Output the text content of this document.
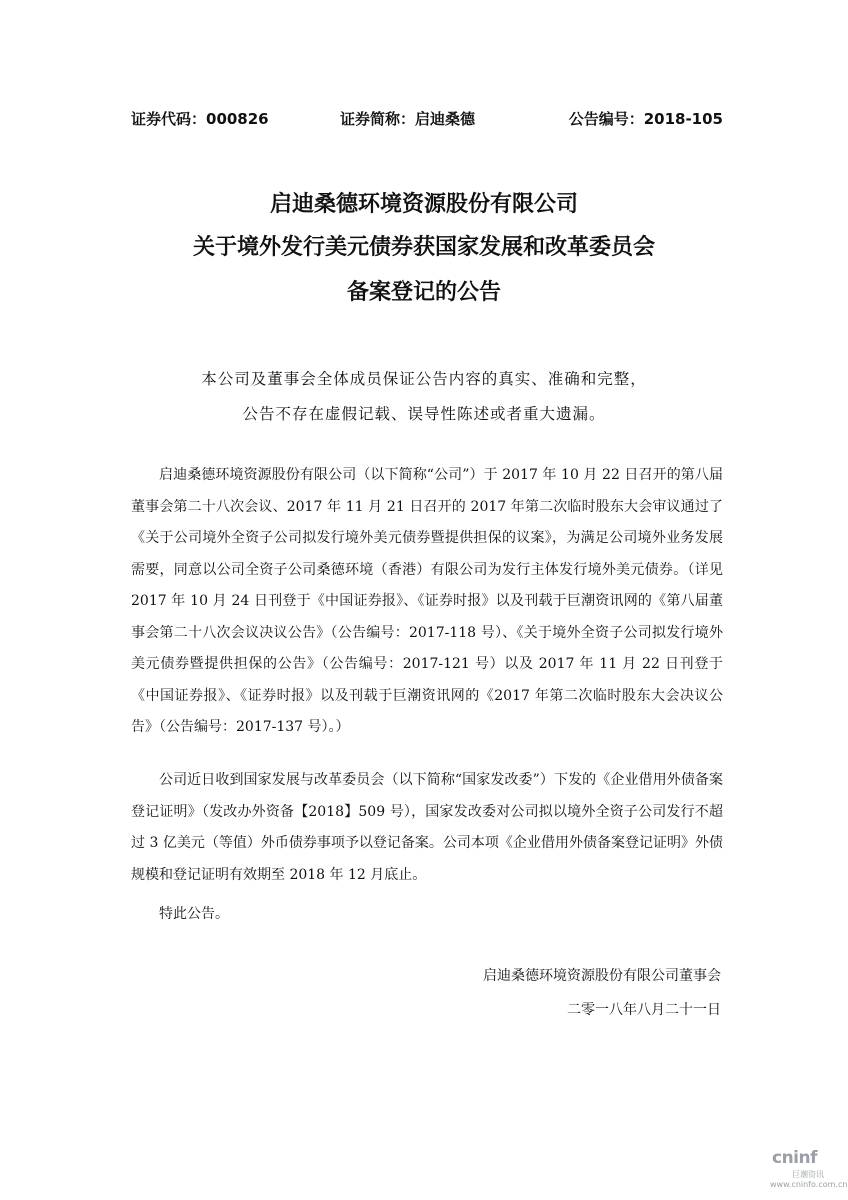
证券代码：000826	证券简称：启迪桑德	公告编号：2018-105
启迪桑德环境资源股份有限公司
关于境外发行美元债券获国家发展和改革委员会
备案登记的公告
本公司及董事会全体成员保证公告内容的真实、准确和完整，
公告不存在虚假记载、误导性陈述或者重大遗漏。

启迪桑德环境资源股份有限公司（以下简称“公司”）于 2017 年 10 月 22 日召开的第八届董事会第二十八次会议、2017 年 11 月 21 日召开的 2017 年第二次临时股东大会审议通过了《关于公司境外全资子公司拟发行境外美元债券暨提供担保的议案》，为满足公司境外业务发展需要，同意以公司全资子公司桑德环境（香港）有限公司为发行主体发行境外美元债券。（详见 2017 年 10 月 24 日刊登于《中国证券报》、《证券时报》以及刊载于巨潮资讯网的《第八届董事会第二十八次会议决议公告》（公告编号：2017-118 号）、《关于境外全资子公司拟发行境外美元债券暨提供担保的公告》（公告编号：2017-121 号）以及 2017 年 11 月 22 日刊登于《中国证券报》、《证券时报》以及刊载于巨潮资讯网的《2017 年第二次临时股东大会决议公告》（公告编号：2017-137 号）。）

公司近日收到国家发展与改革委员会（以下简称“国家发改委”）下发的《企业借用外债备案登记证明》（发改办外资备【2018】509 号），国家发改委对公司拟以境外全资子公司发行不超过 3 亿美元（等值）外币债券事项予以登记备案。公司本项《企业借用外债备案登记证明》外债规模和登记证明有效期至 2018 年 12 月底止。

特此公告。

启迪桑德环境资源股份有限公司董事会
二零一八年八月二十一日
cninf
巨潮资讯
www.cninfo.com.cn
